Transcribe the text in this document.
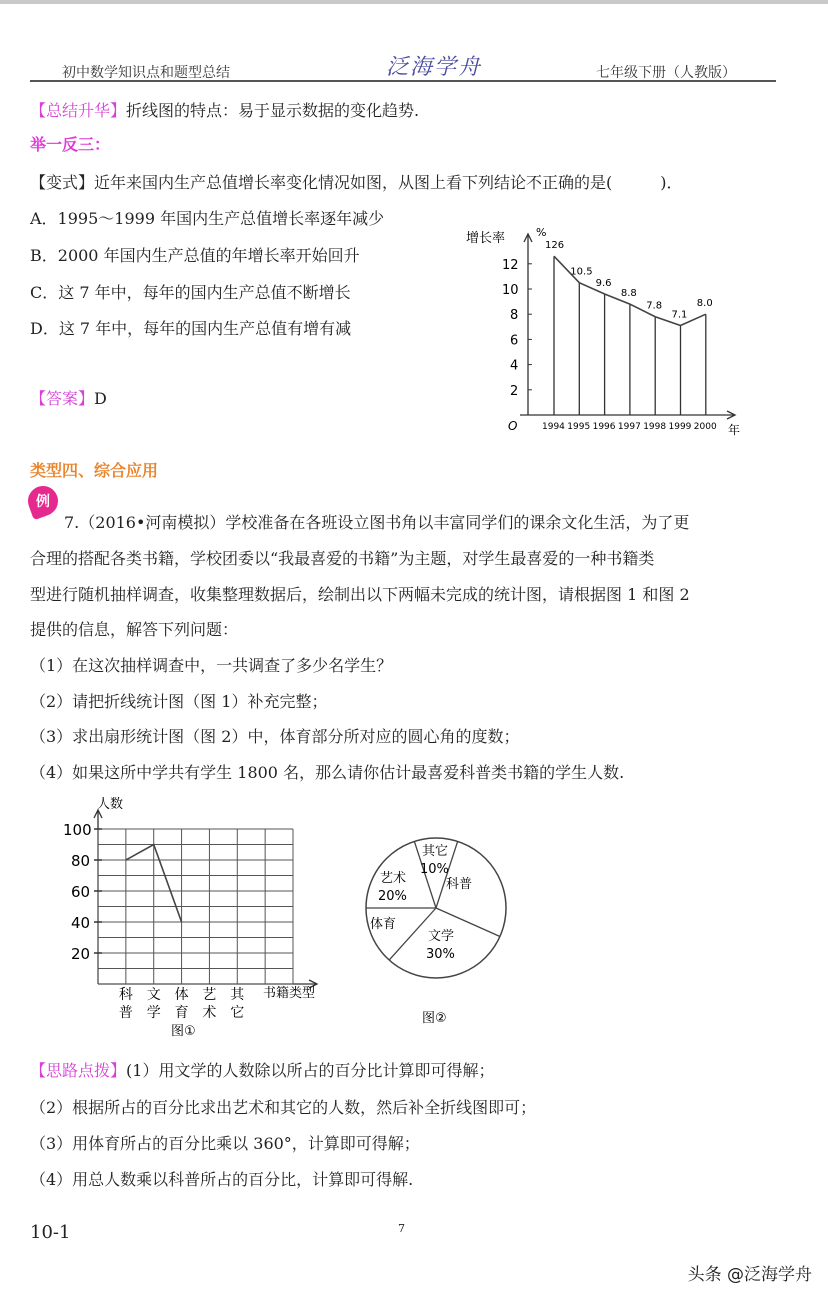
初中数学知识点和题型总结	泛海学舟	七年级下册（人教版）
【总结升华】折线图的特点：易于显示数据的变化趋势.
举一反三：
【变式】近年来国内生产总值增长率变化情况如图，从图上看下列结论不正确的是(　　　)．
A．1995～1999 年国内生产总值增长率逐年减少
B．2000 年国内生产总值的年增长率开始回升
C．这 7 年中，每年的国内生产总值不断增长
D．这 7 年中，每年的国内生产总值有增有减
【答案】D
增长率	%
O	年
2
4
6
8
10
12
126
1994
10.5
1995
9.6
1996
8.8
1997
7.8
1998
7.1
1999
8.0
2000
类型四、综合应用
例
7.（2016•河南模拟）学校准备在各班设立图书角以丰富同学们的课余文化生活，为了更
合理的搭配各类书籍，学校团委以“我最喜爱的书籍”为主题，对学生最喜爱的一种书籍类
型进行随机抽样调查，收集整理数据后，绘制出以下两幅未完成的统计图，请根据图 1 和图 2
提供的信息，解答下列问题：
（1）在这次抽样调查中，一共调查了多少名学生？
（2）请把折线统计图（图 1）补充完整；
（3）求出扇形统计图（图 2）中，体育部分所对应的圆心角的度数；
（4）如果这所中学共有学生 1800 名，那么请你估计最喜爱科普类书籍的学生人数.
人数
20
40
60
80
100
科
普
文
学
体
育
艺
术
其
它
书籍类型
图①
其它
10%
科普
文学
30%
体育
艺术
20%
图②
【思路点拨】(1）用文学的人数除以所占的百分比计算即可得解；
（2）根据所占的百分比求出艺术和其它的人数，然后补全折线图即可；
（3）用体育所占的百分比乘以 360°，计算即可得解；
（4）用总人数乘以科普所占的百分比，计算即可得解.
10-1	7
头条 @泛海学舟
